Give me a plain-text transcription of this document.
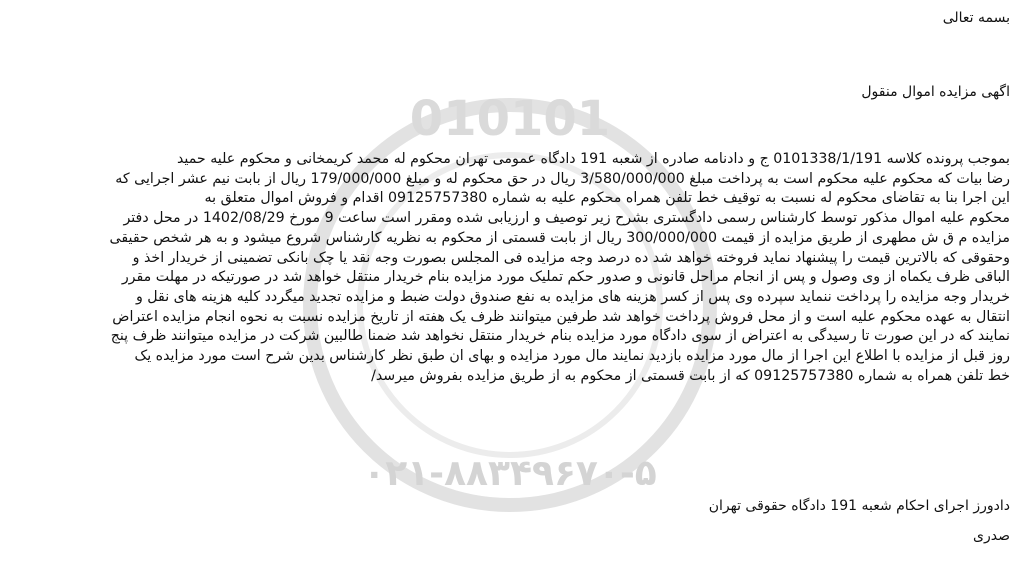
010101
۰۲۱-۸۸۳۴۹۶۷۰-۵
بسمه تعالی
اگهی مزایده اموال منقول

بموجب پرونده کلاسه 0101338/1/191 ج و دادنامه صادره از شعبه 191 دادگاه عمومی تهران محکوم له محمد کریمخانی و محکوم علیه حمید

رضا بیات که محکوم علیه محکوم است به پرداخت مبلغ 3/580/000/000 ریال در حق محکوم له و مبلغ 179/000/000 ریال از بابت نیم عشر اجرایی که

این اجرا بنا به تقاضای محکوم له نسبت به توقیف خط تلفن همراه محکوم علیه به شماره 09125757380 اقدام و فروش اموال متعلق به

محکوم علیه اموال مذکور توسط کارشناس رسمی دادگستری بشرح زیر توصیف و ارزیابی شده ومقرر است ساعت 9 مورخ 1402/08/29 در محل دفتر

مزایده م ق ش مطهری از طریق مزایده از قیمت 300/000/000 ریال از بابت قسمتی از محکوم به نظریه کارشناس شروع میشود و به هر شخص حقیقی

وحقوقی که بالاترین قیمت را پیشنهاد نماید فروخته خواهد شد ده درصد وجه مزایده فی المجلس بصورت وجه نقد یا چک بانکی تضمینی از خریدار اخذ و

الباقی ظرف یکماه از وی وصول و پس از انجام مراحل قانونی و صدور حکم تملیک مورد مزایده بنام خریدار منتقل خواهد شد در صورتیکه در مهلت مقرر

خریدار وجه مزایده را پرداخت ننماید سپرده وی پس از کسر هزینه های مزایده به نفع صندوق دولت ضبط و مزایده تجدید میگردد کلیه هزینه های نقل و

انتقال به عهده محکوم علیه است و از محل فروش پرداخت خواهد شد طرفین میتوانند ظرف یک هفته از تاریخ مزایده نسبت به نحوه انجام مزایده اعتراض

نمایند که در این صورت تا رسیدگی به اعتراض از سوی دادگاه مورد مزایده بنام خریدار منتقل نخواهد شد ضمنا طالبین شرکت در مزایده میتوانند ظرف پنج

روز قبل از مزایده با اطلاع این اجرا از مال مورد مزایده بازدید نمایند مال مورد مزایده و بهای ان طبق نظر کارشناس بدین شرح است مورد مزایده یک

خط تلفن همراه به شماره 09125757380 که از بابت قسمتی از محکوم به از طریق مزایده بفروش میرسد/

دادورز اجرای احکام شعبه 191 دادگاه حقوقی تهران
صدری
